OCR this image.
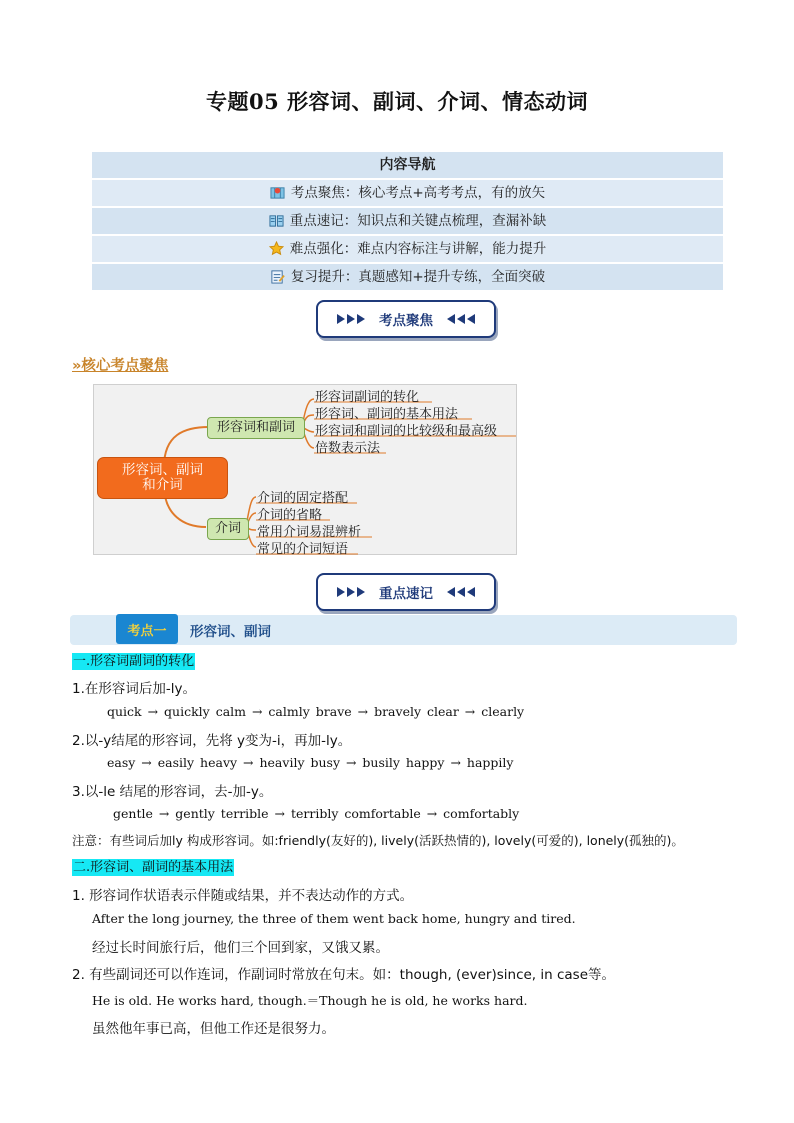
专题05 形容词、副词、介词、情态动词
内容导航
考点聚焦：核心考点+高考考点，有的放矢
重点速记：知识点和关键点梳理，查漏补缺
难点强化：难点内容标注与讲解，能力提升
复习提升：真题感知+提升专练，全面突破
考点聚焦
»核心考点聚焦
形容词、副词
和介词
形容词和副词
形容词副词的转化
形容词、副词的基本用法
形容词和副词的比较级和最高级
倍数表示法
介词
介词的固定搭配
介词的省略
常用介词易混辨析
常见的介词短语
重点速记
考点一	形容词、副词
一.形容词副词的转化
1.在形容词后加-ly。
quick → quickly calm → calmly brave → bravely clear → clearly
2.以-y结尾的形容词，先将 y变为-i，再加-ly。
easy → easily heavy → heavily busy → busily happy → happily
3.以-le 结尾的形容词，去-加-y。
gentle → gently terrible → terribly comfortable → comfortably
注意：有些词后加ly 构成形容词。如:friendly(友好的), lively(活跃热情的), lovely(可爱的), lonely(孤独的)。
二.形容词、副词的基本用法
1. 形容词作状语表示伴随或结果，并不表达动作的方式。
After the long journey, the three of them went back home, hungry and tired.
经过长时间旅行后，他们三个回到家，又饿又累。
2. 有些副词还可以作连词，作副词时常放在句末。如：though, (ever)since, in case等。
He is old. He works hard, though.＝Though he is old, he works hard.
虽然他年事已高，但他工作还是很努力。
